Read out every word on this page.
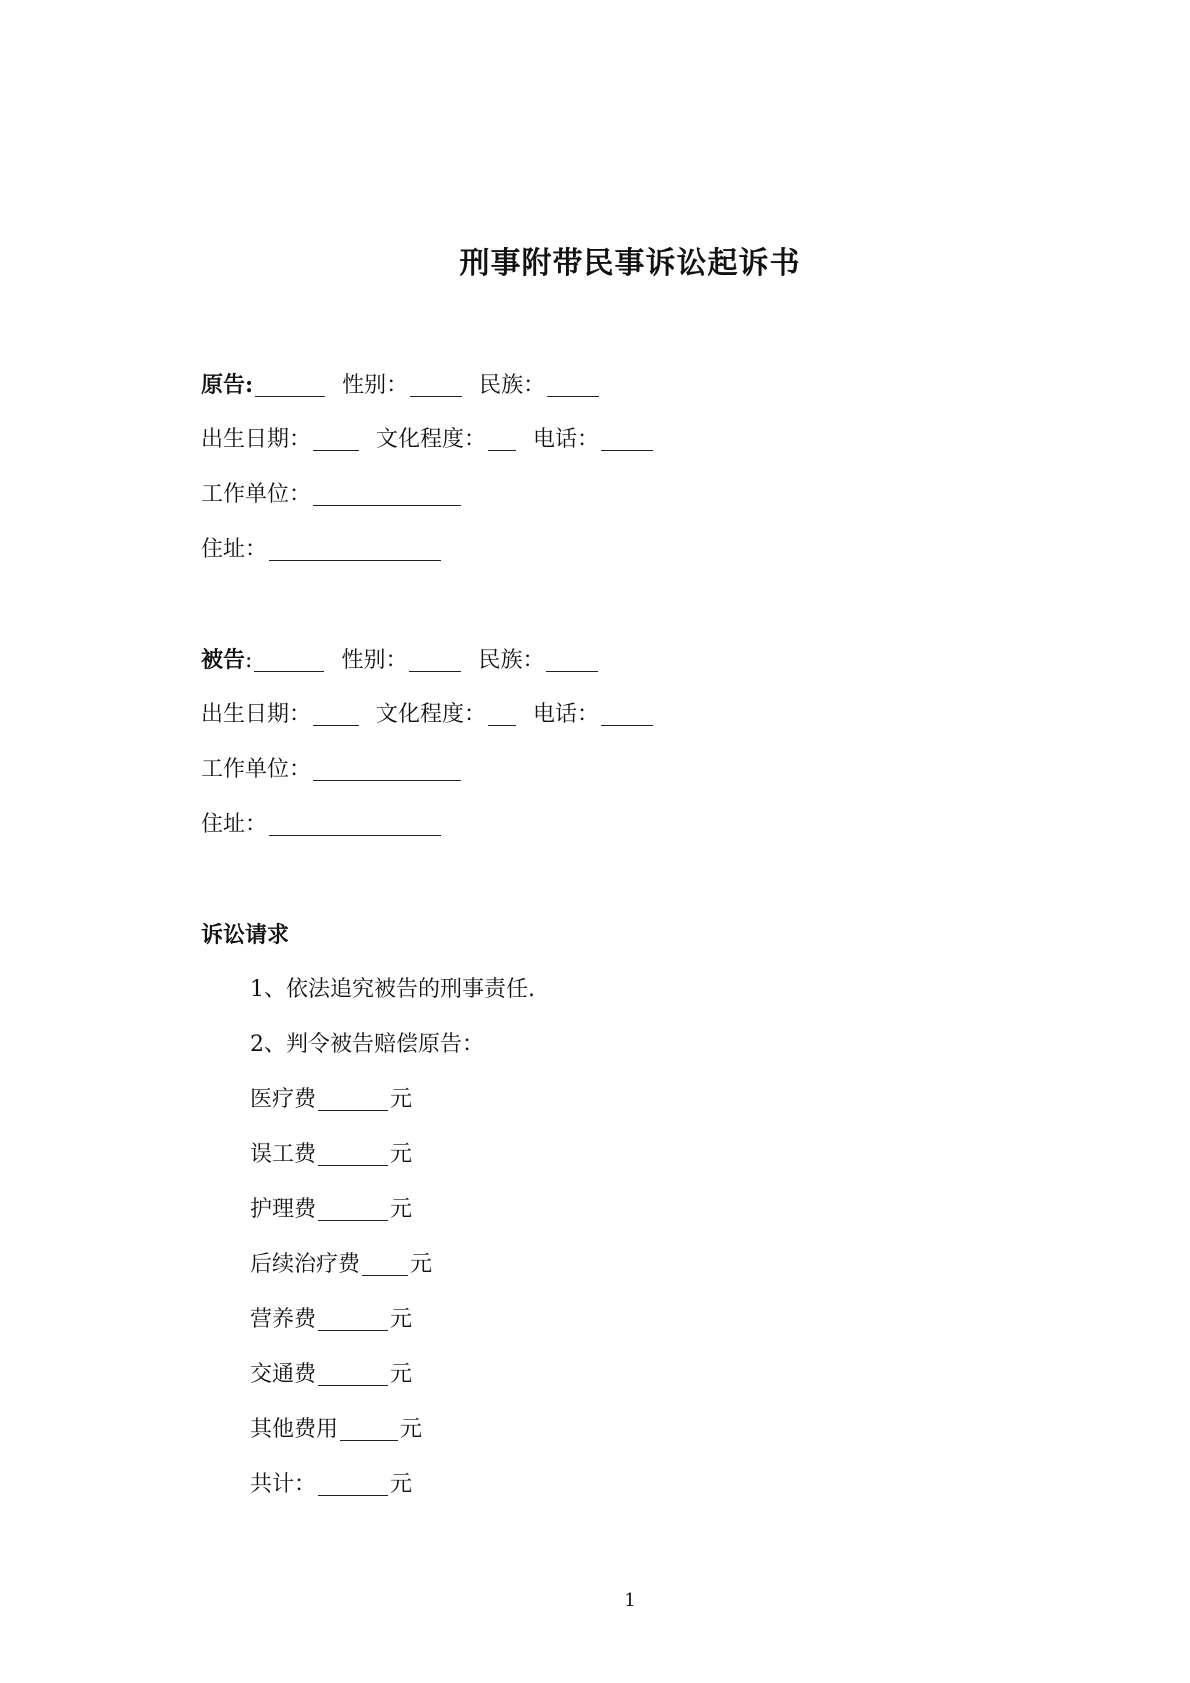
刑事附带民事诉讼起诉书
原告:	性别：	民族：
出生日期：	文化程度： 电话：
工作单位：
住址：
被告:	性别：	民族：
出生日期：	文化程度： 电话：
工作单位：
住址：
诉讼请求
1、依法追究被告的刑事责任.
2、判令被告赔偿原告：
医疗费	元
误工费	元
护理费	元
后续治疗费 元
营养费	元
交通费	元
其他费用	元
共计：	元
1
